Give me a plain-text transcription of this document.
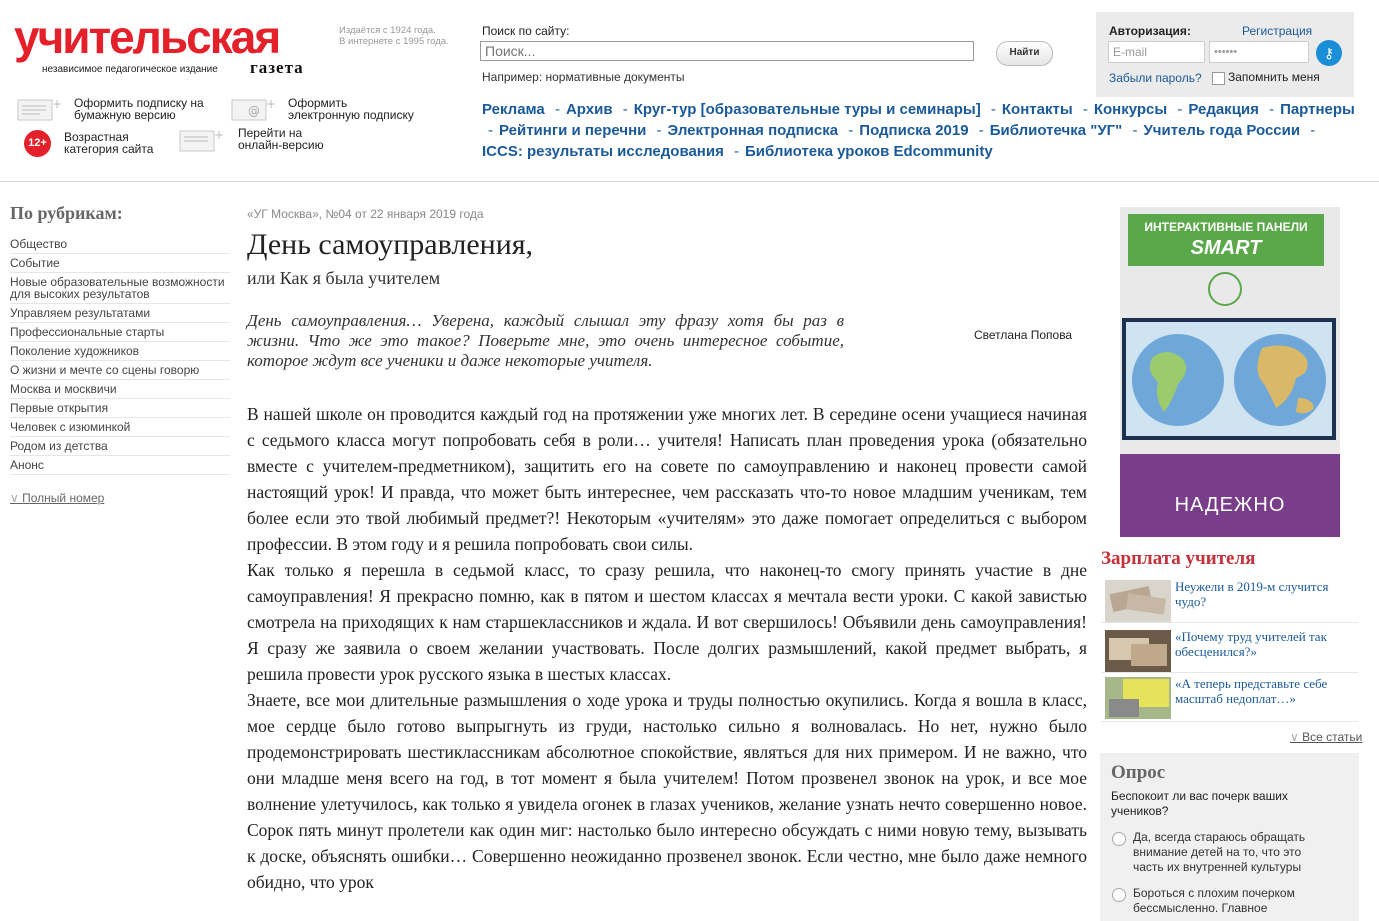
учительская
независимое педагогическое издание газета
Издаётся с 1924 года.
В интернете с 1995 года.
+ Оформить подписку на
бумажную версию	@ + Оформить
электронную подписку
12+	Возрастная
категория сайта
+ Перейти на
онлайн-версию
Поиск по сайту:
Поиск...
Найти
Например: нормативные документы
Авторизация:	Регистрация
E-mail	••••••	⚷
Забыли пароль? Запомнить меня
Реклама - Архив - Круг-тур [образовательные туры и семинары] - Контакты - Конкурсы - Редакция - Партнеры - Рейтинги и перечни - Электронная подписка - Подписка 2019 - Библиотечка "УГ" - Учитель года России -ICCS: результаты исследования - Библиотека уроков Edcommunity
По рубрикам:
Общество
Событие
Новые образовательные возможности для высоких результатов
Управляем результатами
Профессиональные старты
Поколение художников
О жизни и мечте со сцены говорю
Москва и москвичи
Первые открытия
Человек с изюминкой
Родом из детства
Анонс
∨ Полный номер
«УГ Москва», №04 от 22 января 2019 года
День самоуправления,
или Как я была учителем
День самоуправления… Уверена, каждый слышал эту фразу хотя бы раз в жизни. Что же это такое? Поверьте мне, это очень интересное событие, которое ждут все ученики и даже некоторые учителя.
Светлана Попова

В нашей школе он проводится каждый год на протяжении уже многих лет. В середине осени учащиеся начиная с седьмого класса могут попробовать себя в роли… учителя! Написать план проведения урока (обязательно вместе с учителем-предметником), защитить его на совете по самоуправлению и наконец провести самой настоящий урок! И правда, что может быть интереснее, чем рассказать что-то новое младшим ученикам, тем более если это твой любимый предмет?! Некоторым «учителям» это даже помогает определиться с выбором профессии. В этом году и я решила попробовать свои силы.

Как только я перешла в седьмой класс, то сразу решила, что наконец-то смогу принять участие в дне самоуправления! Я прекрасно помню, как в пятом и шестом классах я мечтала вести уроки. С какой завистью смотрела на приходящих к нам старшеклассников и ждала. И вот свершилось! Объявили день самоуправления! Я сразу же заявила о своем желании участвовать. После долгих размышлений, какой предмет выбрать, я решила провести урок русского языка в шестых классах.

Знаете, все мои длительные размышления о ходе урока и труды полностью окупились. Когда я вошла в класс, мое сердце было готово выпрыгнуть из груди, настолько сильно я волновалась. Но нет, нужно было продемонстрировать шестиклассникам абсолютное спокойствие, являться для них примером. И не важно, что они младше меня всего на год, в тот момент я была учителем! Потом прозвенел звонок на урок, и все мое волнение улетучилось, как только я увидела огонек в глазах учеников, желание узнать нечто совершенно новое. Сорок пять минут пролетели как один миг: настолько было интересно обсуждать с ними новую тему, вызывать к доске, объяснять ошибки… Совершенно неожиданно прозвенел звонок. Если честно, мне было даже немного обидно, что урок

ИНТЕРАКТИВНЫЕ ПАНЕЛИ
SMART
НАДЕЖНО
Зарплата учителя
Неужели в 2019-м случится чудо?
«Почему труд учителей так обесценился?»
«А теперь представьте себе масштаб недоплат…»
∨ Все статьи
Опрос
Беспокоит ли вас почерк ваших учеников?
Да, всегда стараюсь обращать внимание детей на то, что это часть их внутренней культуры
Бороться с плохим почерком бессмысленно. Главное
